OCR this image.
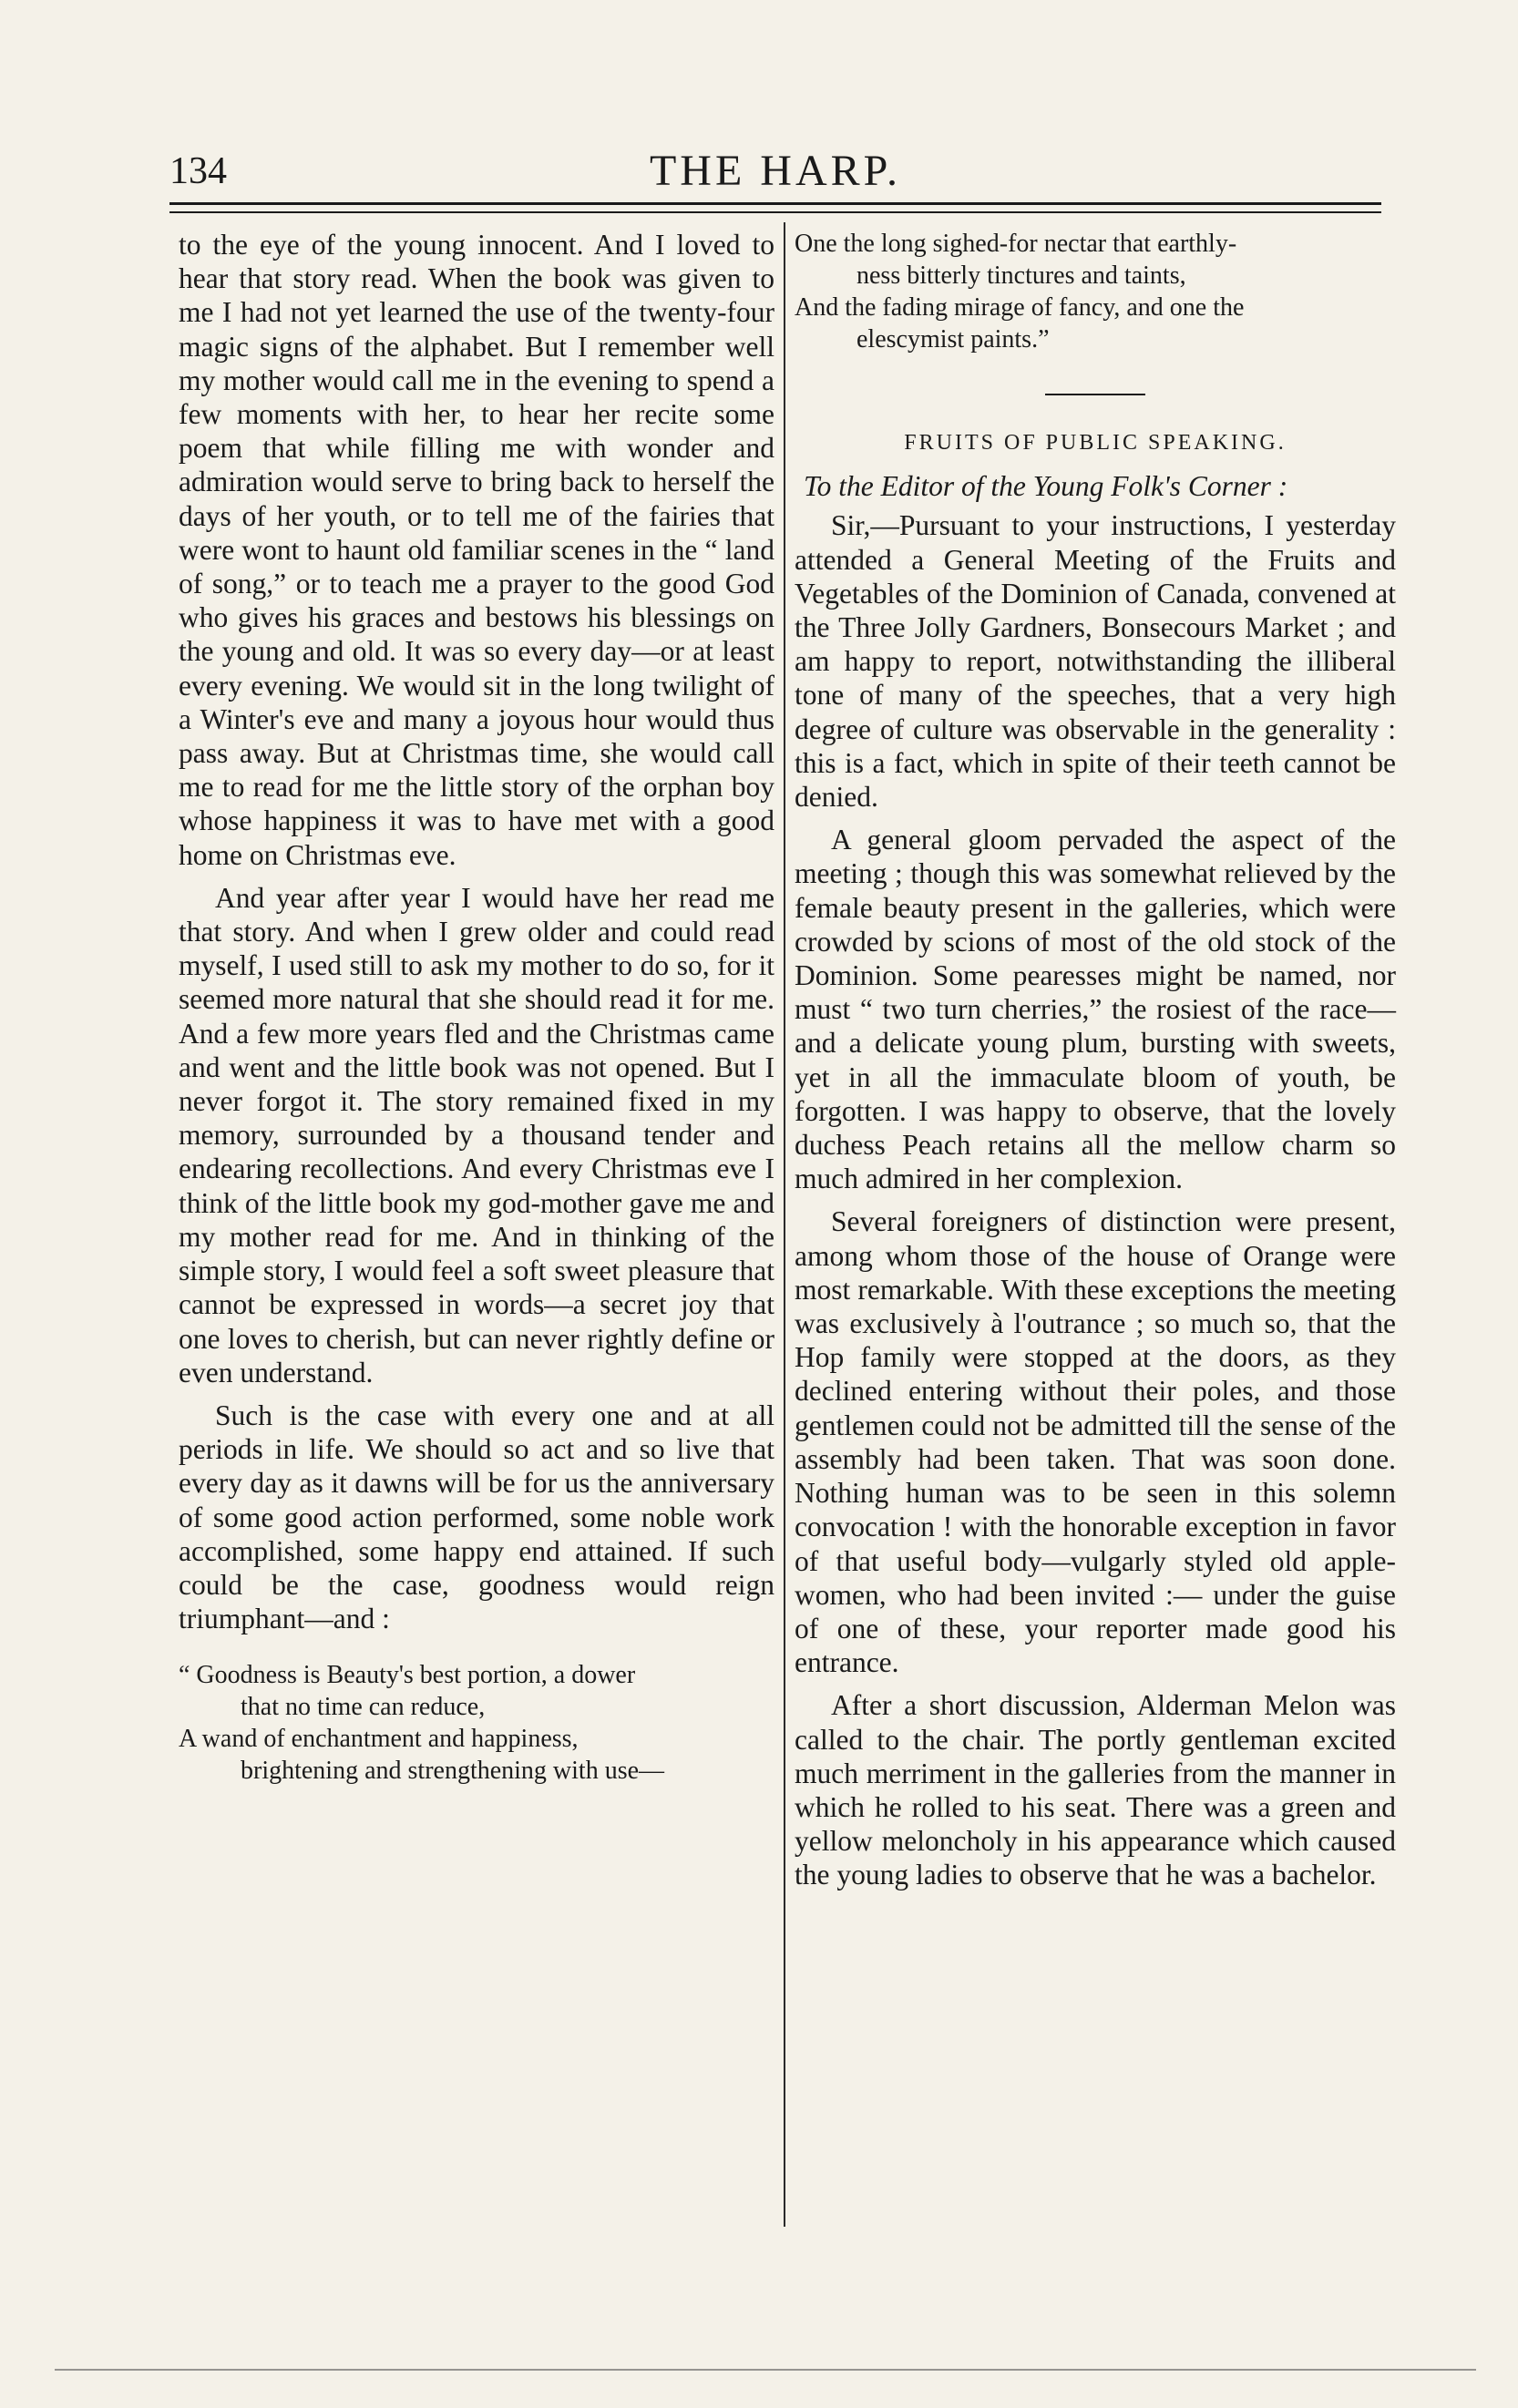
134	THE HARP.

to the eye of the young innocent. And I loved to hear that story read. When the book was given to me I had not yet learned the use of the twenty-four magic signs of the alphabet. But I remember well my mother would call me in the evening to spend a few moments with her, to hear her recite some poem that while filling me with wonder and admiration would serve to bring back to herself the days of her youth, or to tell me of the fairies that were wont to haunt old familiar scenes in the “ land of song,” or to teach me a prayer to the good God who gives his graces and bestows his blessings on the young and old. It was so every day—or at least every evening. We would sit in the long twilight of a Winter's eve and many a joyous hour would thus pass away. But at Christmas time, she would call me to read for me the little story of the orphan boy whose happiness it was to have met with a good home on Christmas eve.

And year after year I would have her read me that story. And when I grew older and could read myself, I used still to ask my mother to do so, for it seemed more natural that she should read it for me. And a few more years fled and the Christmas came and went and the little book was not opened. But I never forgot it. The story remained fixed in my memory, surrounded by a thousand tender and endearing recollections. And every Christmas eve I think of the little book my god-mother gave me and my mother read for me. And in thinking of the simple story, I would feel a soft sweet pleasure that cannot be expressed in words—a secret joy that one loves to cherish, but can never rightly define or even understand.

Such is the case with every one and at all periods in life. We should so act and so live that every day as it dawns will be for us the anniversary of some good action performed, some noble work accomplished, some happy end attained. If such could be the case, goodness would reign triumphant—and :

“ Goodness is Beauty's best portion, a dower
that no time can reduce,

A wand of enchantment and happiness,
brightening and strengthening with use—

One the long sighed-for nectar that earthly-
ness bitterly tinctures and taints,

And the fading mirage of fancy, and one the
elescymist paints.”

FRUITS OF PUBLIC SPEAKING.
To the Editor of the Young Folk's Corner :

Sir,—Pursuant to your instructions, I yesterday attended a General Meeting of the Fruits and Vegetables of the Dominion of Canada, convened at the Three Jolly Gardners, Bonsecours Market ; and am happy to report, notwithstanding the illiberal tone of many of the speeches, that a very high degree of culture was observable in the generality : this is a fact, which in spite of their teeth cannot be denied.

A general gloom pervaded the aspect of the meeting ; though this was somewhat relieved by the female beauty present in the galleries, which were crowded by scions of most of the old stock of the Dominion. Some pearesses might be named, nor must “ two turn cherries,” the rosiest of the race—and a delicate young plum, bursting with sweets, yet in all the immaculate bloom of youth, be forgotten. I was happy to observe, that the lovely duchess Peach retains all the mellow charm so much admired in her complexion.

Several foreigners of distinction were present, among whom those of the house of Orange were most remarkable. With these exceptions the meeting was exclusively à l'outrance ; so much so, that the Hop family were stopped at the doors, as they declined entering without their poles, and those gentlemen could not be admitted till the sense of the assembly had been taken. That was soon done. Nothing human was to be seen in this solemn convocation ! with the honorable exception in favor of that useful body—vulgarly styled old apple-women, who had been invited :— under the guise of one of these, your reporter made good his entrance.

After a short discussion, Alderman Melon was called to the chair. The portly gentleman excited much merriment in the galleries from the manner in which he rolled to his seat. There was a green and yellow meloncholy in his appearance which caused the young ladies to observe that he was a bachelor.
